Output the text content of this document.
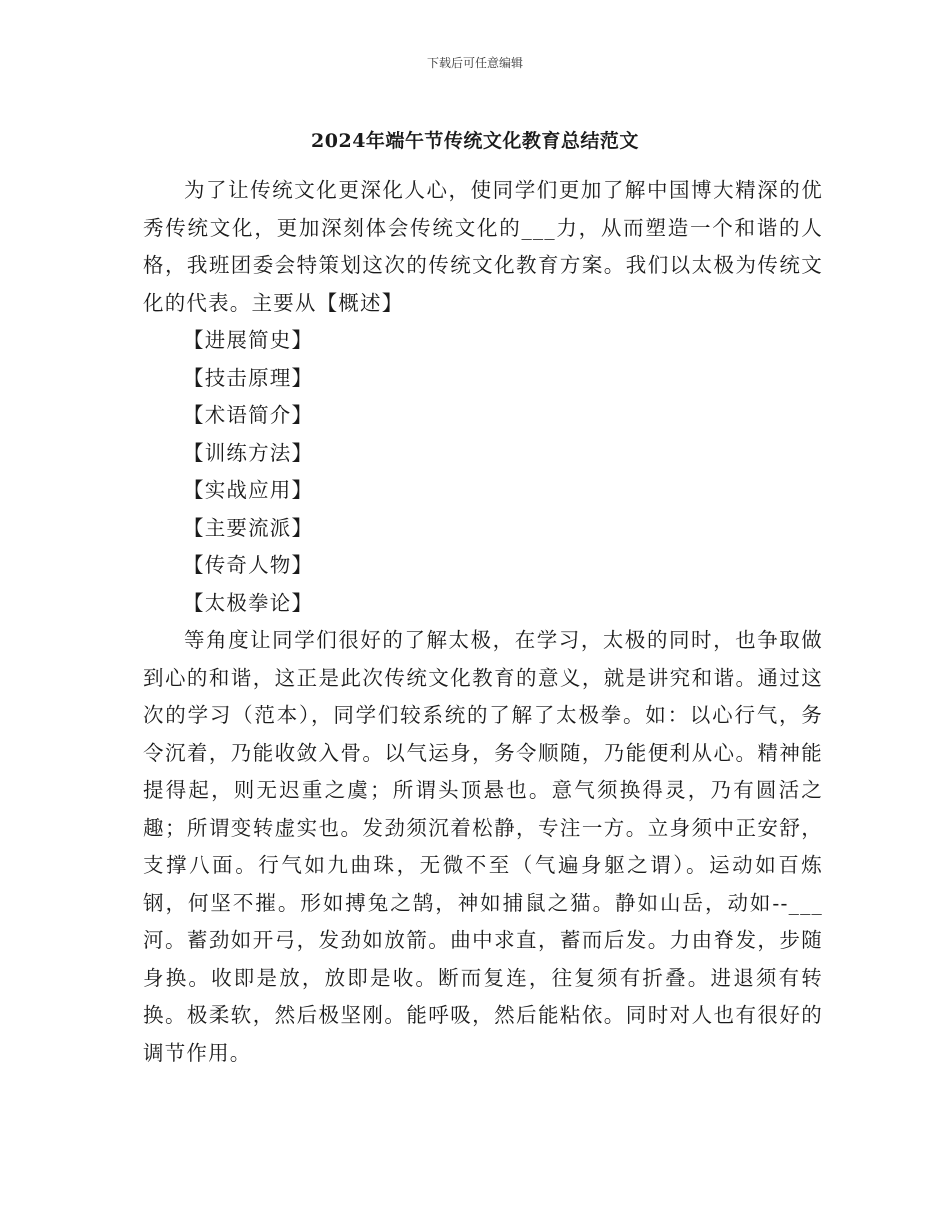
下载后可任意编辑
2024年端午节传统文化教育总结范文

为了让传统文化更深化人心，使同学们更加了解中国博大精深的优秀传统文化，更加深刻体会传统文化的___力，从而塑造一个和谐的人格，我班团委会特策划这次的传统文化教育方案。我们以太极为传统文化的代表。主要从【概述】

【进展简史】
【技击原理】
【术语简介】
【训练方法】
【实战应用】
【主要流派】
【传奇人物】
【太极拳论】

等角度让同学们很好的了解太极，在学习，太极的同时，也争取做到心的和谐，这正是此次传统文化教育的意义，就是讲究和谐。通过这次的学习（范本），同学们较系统的了解了太极拳。如：以心行气，务令沉着，乃能收敛入骨。以气运身，务令顺随，乃能便利从心。精神能提得起，则无迟重之虞；所谓头顶悬也。意气须换得灵，乃有圆活之趣；所谓变转虚实也。发劲须沉着松静，专注一方。立身须中正安舒，支撑八面。行气如九曲珠，无微不至（气遍身躯之谓）。运动如百炼钢，何坚不摧。形如搏兔之鹄，神如捕鼠之猫。静如山岳，动如--___河。蓄劲如开弓，发劲如放箭。曲中求直，蓄而后发。力由脊发，步随身换。收即是放，放即是收。断而复连，往复须有折叠。进退须有转换。极柔软，然后极坚刚。能呼吸，然后能粘依。同时对人也有很好的调节作用。
